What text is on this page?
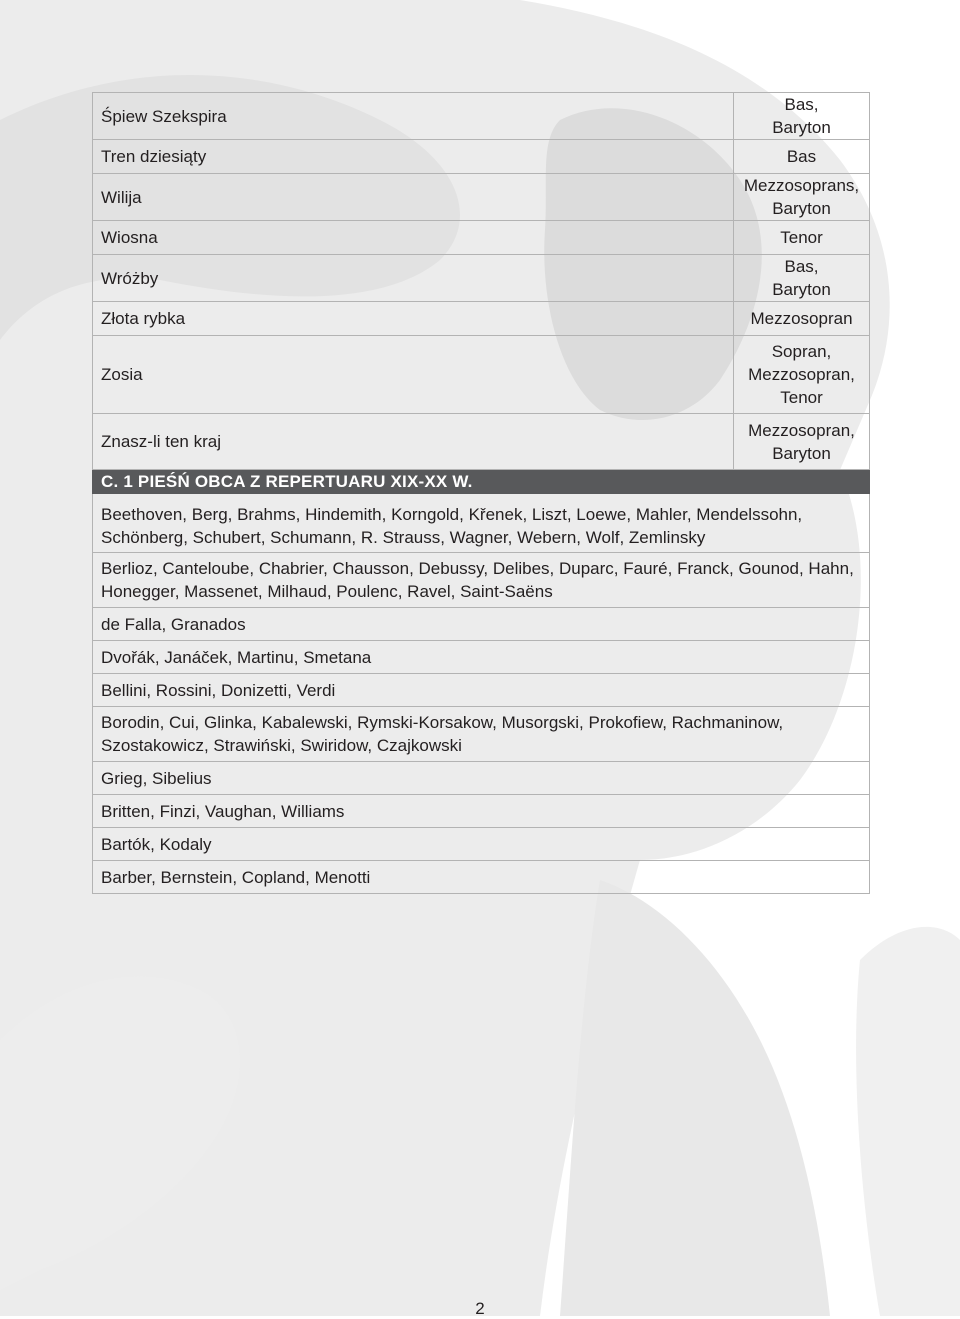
Śpiew Szekspira	Bas,
Baryton
Tren dziesiąty	Bas
Wilija	Mezzosoprans,
Baryton
Wiosna	Tenor
Wróżby	Bas,
Baryton
Złota rybka	Mezzosopran
Zosia	Sopran,
Mezzosopran,
Tenor
Znasz-li ten kraj	Mezzosopran,
Baryton
C. 1 PIEŚŃ OBCA Z REPERTUARU XIX-XX W.
Beethoven, Berg, Brahms, Hindemith, Korngold, Křenek, Liszt, Loewe, Mahler, Mendelssohn, Schönberg, Schubert, Schumann, R. Strauss, Wagner, Webern, Wolf, Zemlinsky
Berlioz, Canteloube, Chabrier, Chausson, Debussy, Delibes, Duparc, Fauré, Franck, Gounod, Hahn, Honegger, Massenet, Milhaud, Poulenc, Ravel, Saint-Saëns
de Falla, Granados
Dvořák, Janáček, Martinu, Smetana
Bellini, Rossini, Donizetti, Verdi
Borodin, Cui, Glinka, Kabalewski, Rymski-Korsakow, Musorgski, Prokofiew, Rachmaninow, Szostakowicz, Strawiński, Swiridow, Czajkowski
Grieg, Sibelius
Britten, Finzi, Vaughan, Williams
Bartók, Kodaly
Barber, Bernstein, Copland, Menotti
2
